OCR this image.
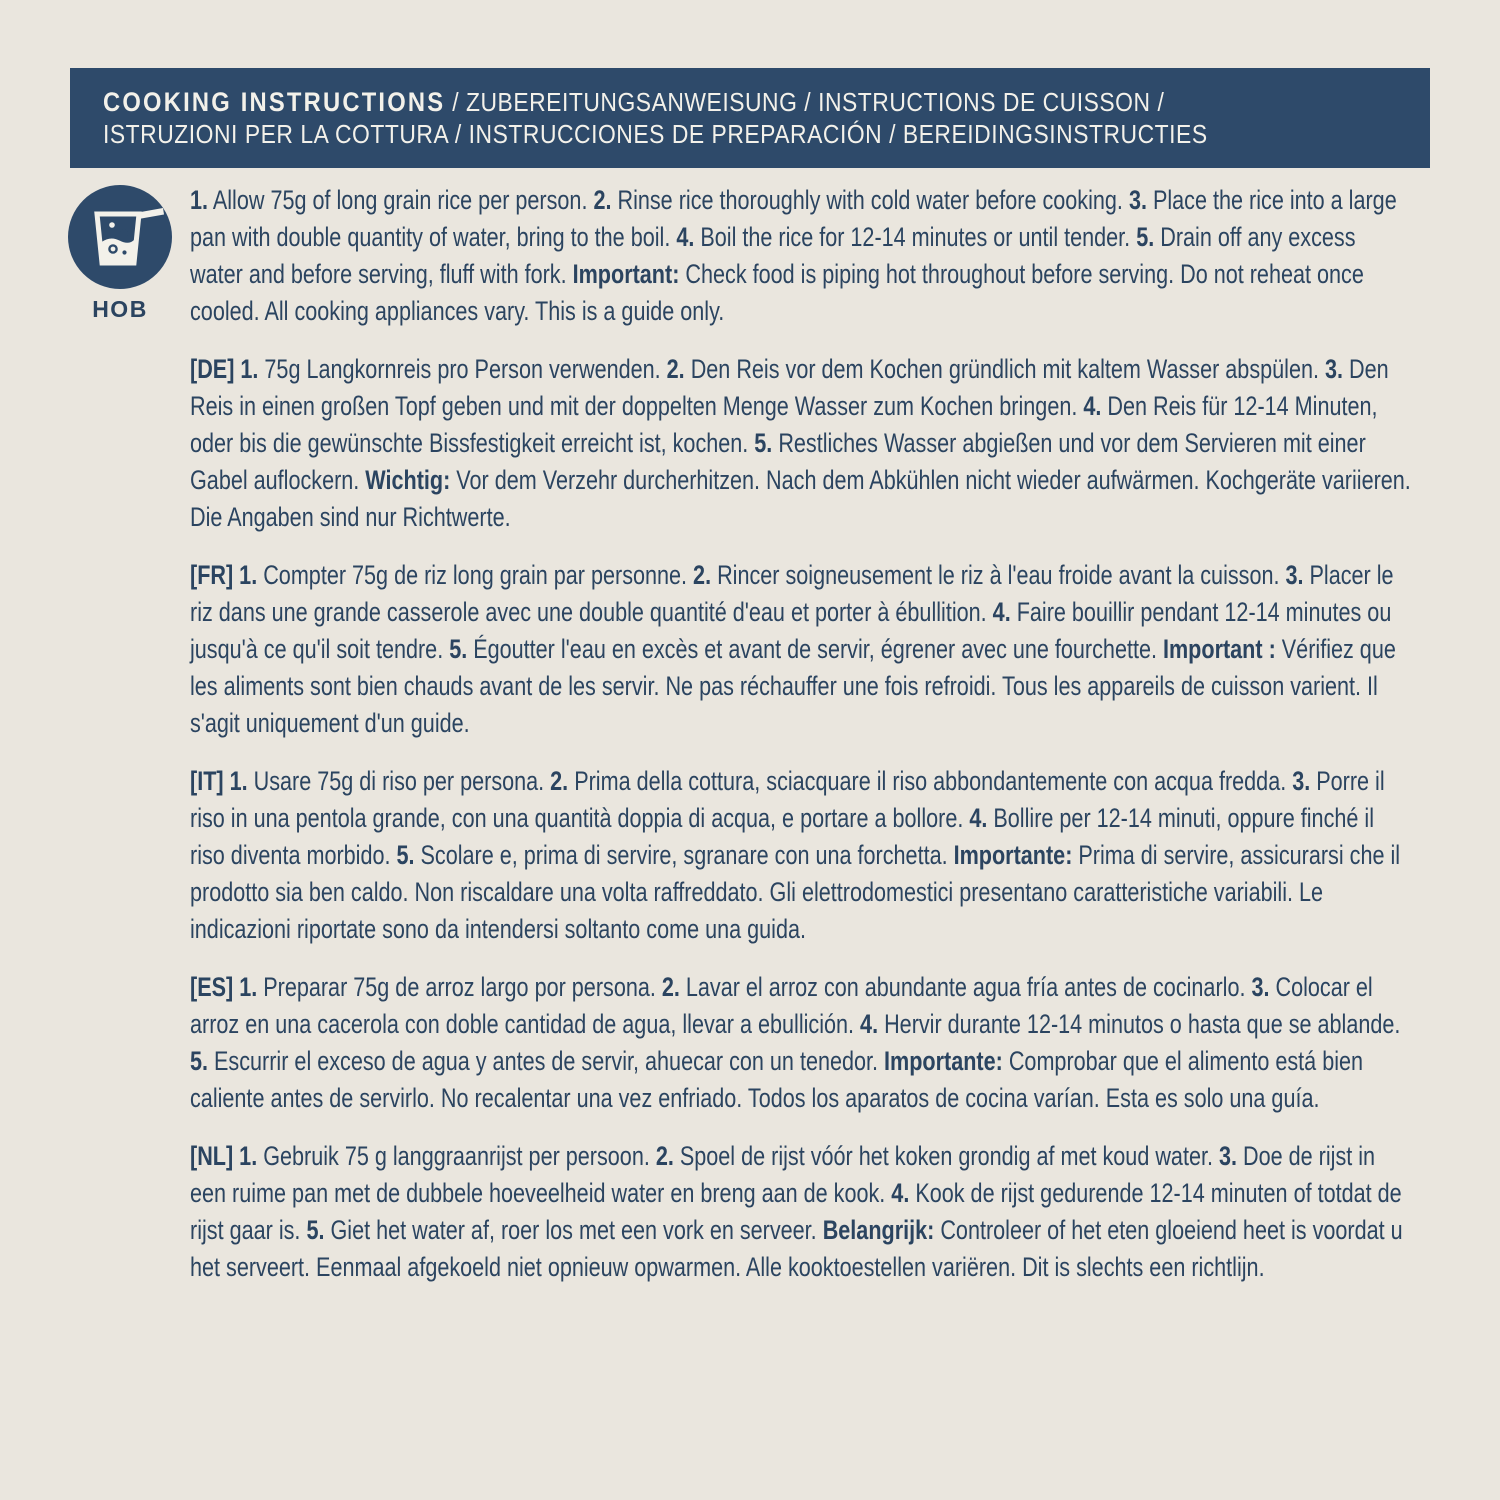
COOKING INSTRUCTIONS / ZUBEREITUNGSANWEISUNG / INSTRUCTIONS DE CUISSON /
ISTRUZIONI PER LA COTTURA / INSTRUCCIONES DE PREPARACIÓN / BEREIDINGSINSTRUCTIES
HOB

1. Allow 75g of long grain rice per person. 2. Rinse rice thoroughly with cold water before cooking. 3. Place the rice into a large pan with double quantity of water, bring to the boil. 4. Boil the rice for 12-14 minutes or until tender. 5. Drain off any excess water and before serving, fluff with fork. Important: Check food is piping hot throughout before serving. Do not reheat once cooled. All cooking appliances vary. This is a guide only.

[DE] 1. 75g Langkornreis pro Person verwenden. 2. Den Reis vor dem Kochen gründlich mit kaltem Wasser abspülen. 3. Den Reis in einen großen Topf geben und mit der doppelten Menge Wasser zum Kochen bringen. 4. Den Reis für 12-14 Minuten, oder bis die gewünschte Bissfestigkeit erreicht ist, kochen. 5. Restliches Wasser abgießen und vor dem Servieren mit einer Gabel auflockern. Wichtig: Vor dem Verzehr durcherhitzen. Nach dem Abkühlen nicht wieder aufwärmen. Kochgeräte variieren. Die Angaben sind nur Richtwerte.

[FR] 1. Compter 75g de riz long grain par personne. 2. Rincer soigneusement le riz à l'eau froide avant la cuisson. 3. Placer le riz dans une grande casserole avec une double quantité d'eau et porter à ébullition. 4. Faire bouillir pendant 12-14 minutes ou jusqu'à ce qu'il soit tendre. 5. Égoutter l'eau en excès et avant de servir, égrener avec une fourchette. Important : Vérifiez que les aliments sont bien chauds avant de les servir. Ne pas réchauffer une fois refroidi. Tous les appareils de cuisson varient. Il s'agit uniquement d'un guide.

[IT] 1. Usare 75g di riso per persona. 2. Prima della cottura, sciacquare il riso abbondantemente con acqua fredda. 3. Porre il riso in una pentola grande, con una quantità doppia di acqua, e portare a bollore. 4. Bollire per 12-14 minuti, oppure finché il riso diventa morbido. 5. Scolare e, prima di servire, sgranare con una forchetta. Importante: Prima di servire, assicurarsi che il prodotto sia ben caldo. Non riscaldare una volta raffreddato. Gli elettrodomestici presentano caratteristiche variabili. Le indicazioni riportate sono da intendersi soltanto come una guida.

[ES] 1. Preparar 75g de arroz largo por persona. 2. Lavar el arroz con abundante agua fría antes de cocinarlo. 3. Colocar el arroz en una cacerola con doble cantidad de agua, llevar a ebullición. 4. Hervir durante 12-14 minutos o hasta que se ablande. 5. Escurrir el exceso de agua y antes de servir, ahuecar con un tenedor. Importante: Comprobar que el alimento está bien caliente antes de servirlo. No recalentar una vez enfriado. Todos los aparatos de cocina varían. Esta es solo una guía.

[NL] 1. Gebruik 75 g langgraanrijst per persoon. 2. Spoel de rijst vóór het koken grondig af met koud water. 3. Doe de rijst in een ruime pan met de dubbele hoeveelheid water en breng aan de kook. 4. Kook de rijst gedurende 12-14 minuten of totdat de rijst gaar is. 5. Giet het water af, roer los met een vork en serveer. Belangrijk: Controleer of het eten gloeiend heet is voordat u het serveert. Eenmaal afgekoeld niet opnieuw opwarmen. Alle kooktoestellen variëren. Dit is slechts een richtlijn.
